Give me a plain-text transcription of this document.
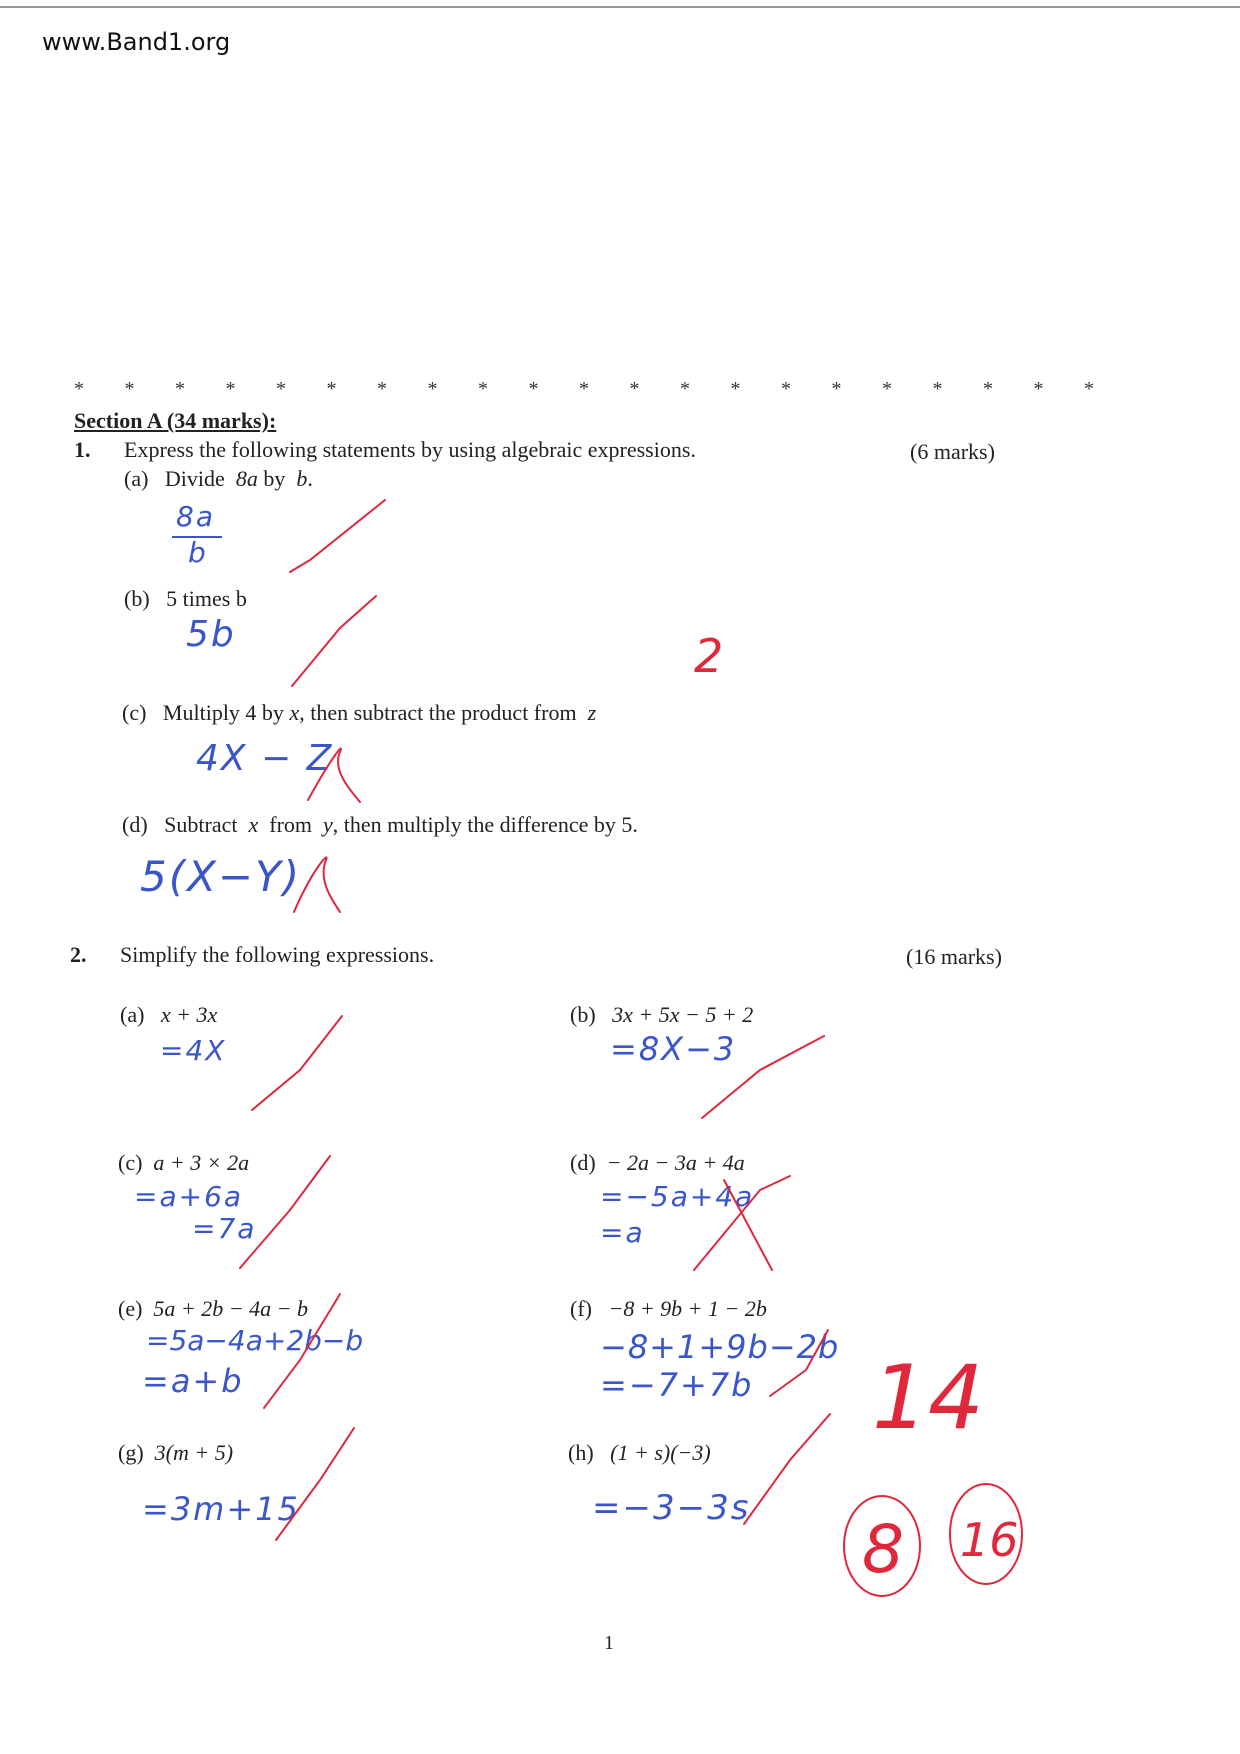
www.Band1.org
* * * * * * * * * * * * * * * * * * * * *
Section A (34 marks):
1. Express the following statements by using algebraic expressions.	(6 marks)
(a) Divide  8a by  b.
8a
b
(b) 5 times b
5b
(c) Multiply 4 by x, then subtract the product from  z
4X − Z
(d) Subtract  x  from  y, then multiply the difference by 5.
5(X−Y)
2. Simplify the following expressions.	(16 marks)
(a) x + 3x
=4X
(b) 3x + 5x − 5 + 2
=8X−3
(c) a + 3 × 2a
=a+6a
=7a
(d) − 2a − 3a + 4a
=−5a+4a
=a
(e) 5a + 2b − 4a − b
=5a−4a+2b−b
=a+b
(f) −8 + 9b + 1 − 2b
−8+1+9b−2b
=−7+7b
(g) 3(m + 5)
=3m+15
(h) (1 + s)(−3)
=−3−3s
2
14
8 16
1
